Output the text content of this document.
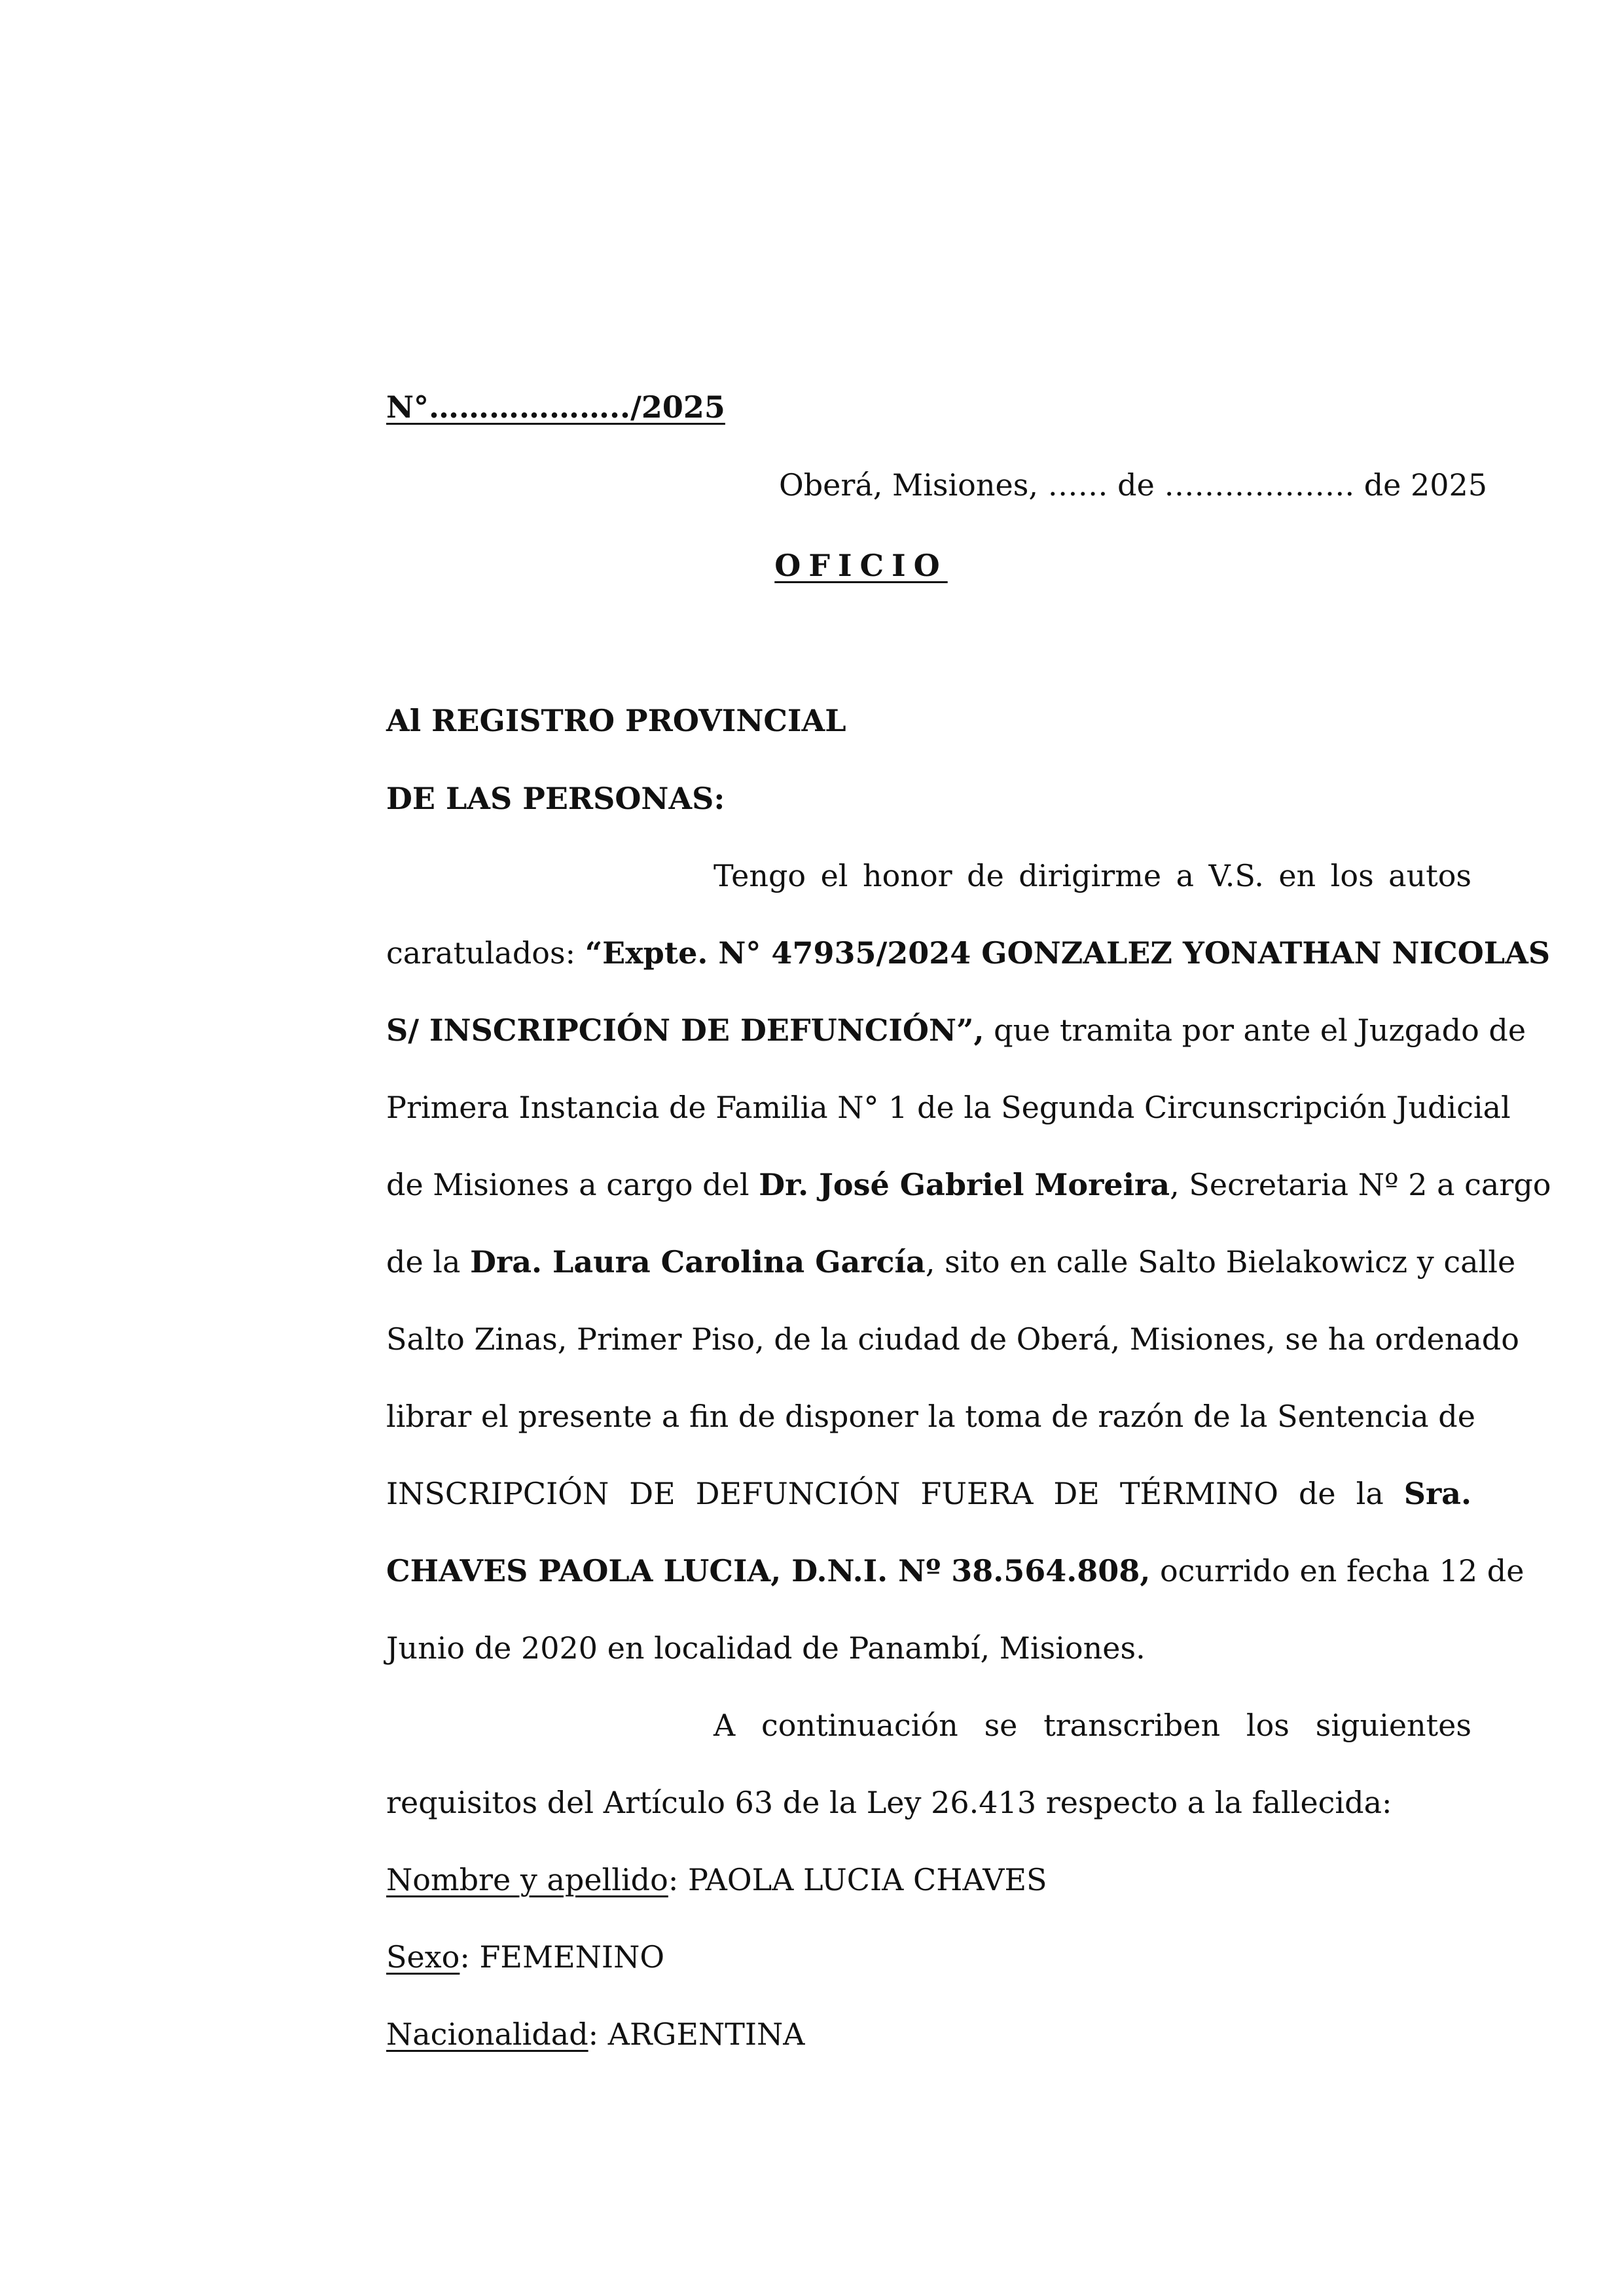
N°………………../2025
Oberá, Misiones, …… de ………………. de 2025
OFICIO
Al REGISTRO PROVINCIAL
DE LAS PERSONAS:
Tengo el honor de dirigirme a V.S. en los autos
caratulados: “Expte. N° 47935/2024 GONZALEZ YONATHAN NICOLAS
S/ INSCRIPCIÓN DE DEFUNCIÓN”, que tramita por ante el Juzgado de
Primera Instancia de Familia N° 1 de la Segunda Circunscripción Judicial
de Misiones a cargo del Dr. José Gabriel Moreira, Secretaria Nº 2 a cargo
de la Dra. Laura Carolina García, sito en calle Salto Bielakowicz y calle
Salto Zinas, Primer Piso, de la ciudad de Oberá, Misiones, se ha ordenado
librar el presente a fin de disponer la toma de razón de la Sentencia de
INSCRIPCIÓN DE DEFUNCIÓN FUERA DE TÉRMINO de la Sra.
CHAVES PAOLA LUCIA, D.N.I. Nº 38.564.808, ocurrido en fecha 12 de
Junio de 2020 en localidad de Panambí, Misiones.
A continuación se transcriben los siguientes
requisitos del Artículo 63 de la Ley 26.413 respecto a la fallecida:
Nombre y apellido: PAOLA LUCIA CHAVES
Sexo: FEMENINO
Nacionalidad: ARGENTINA
